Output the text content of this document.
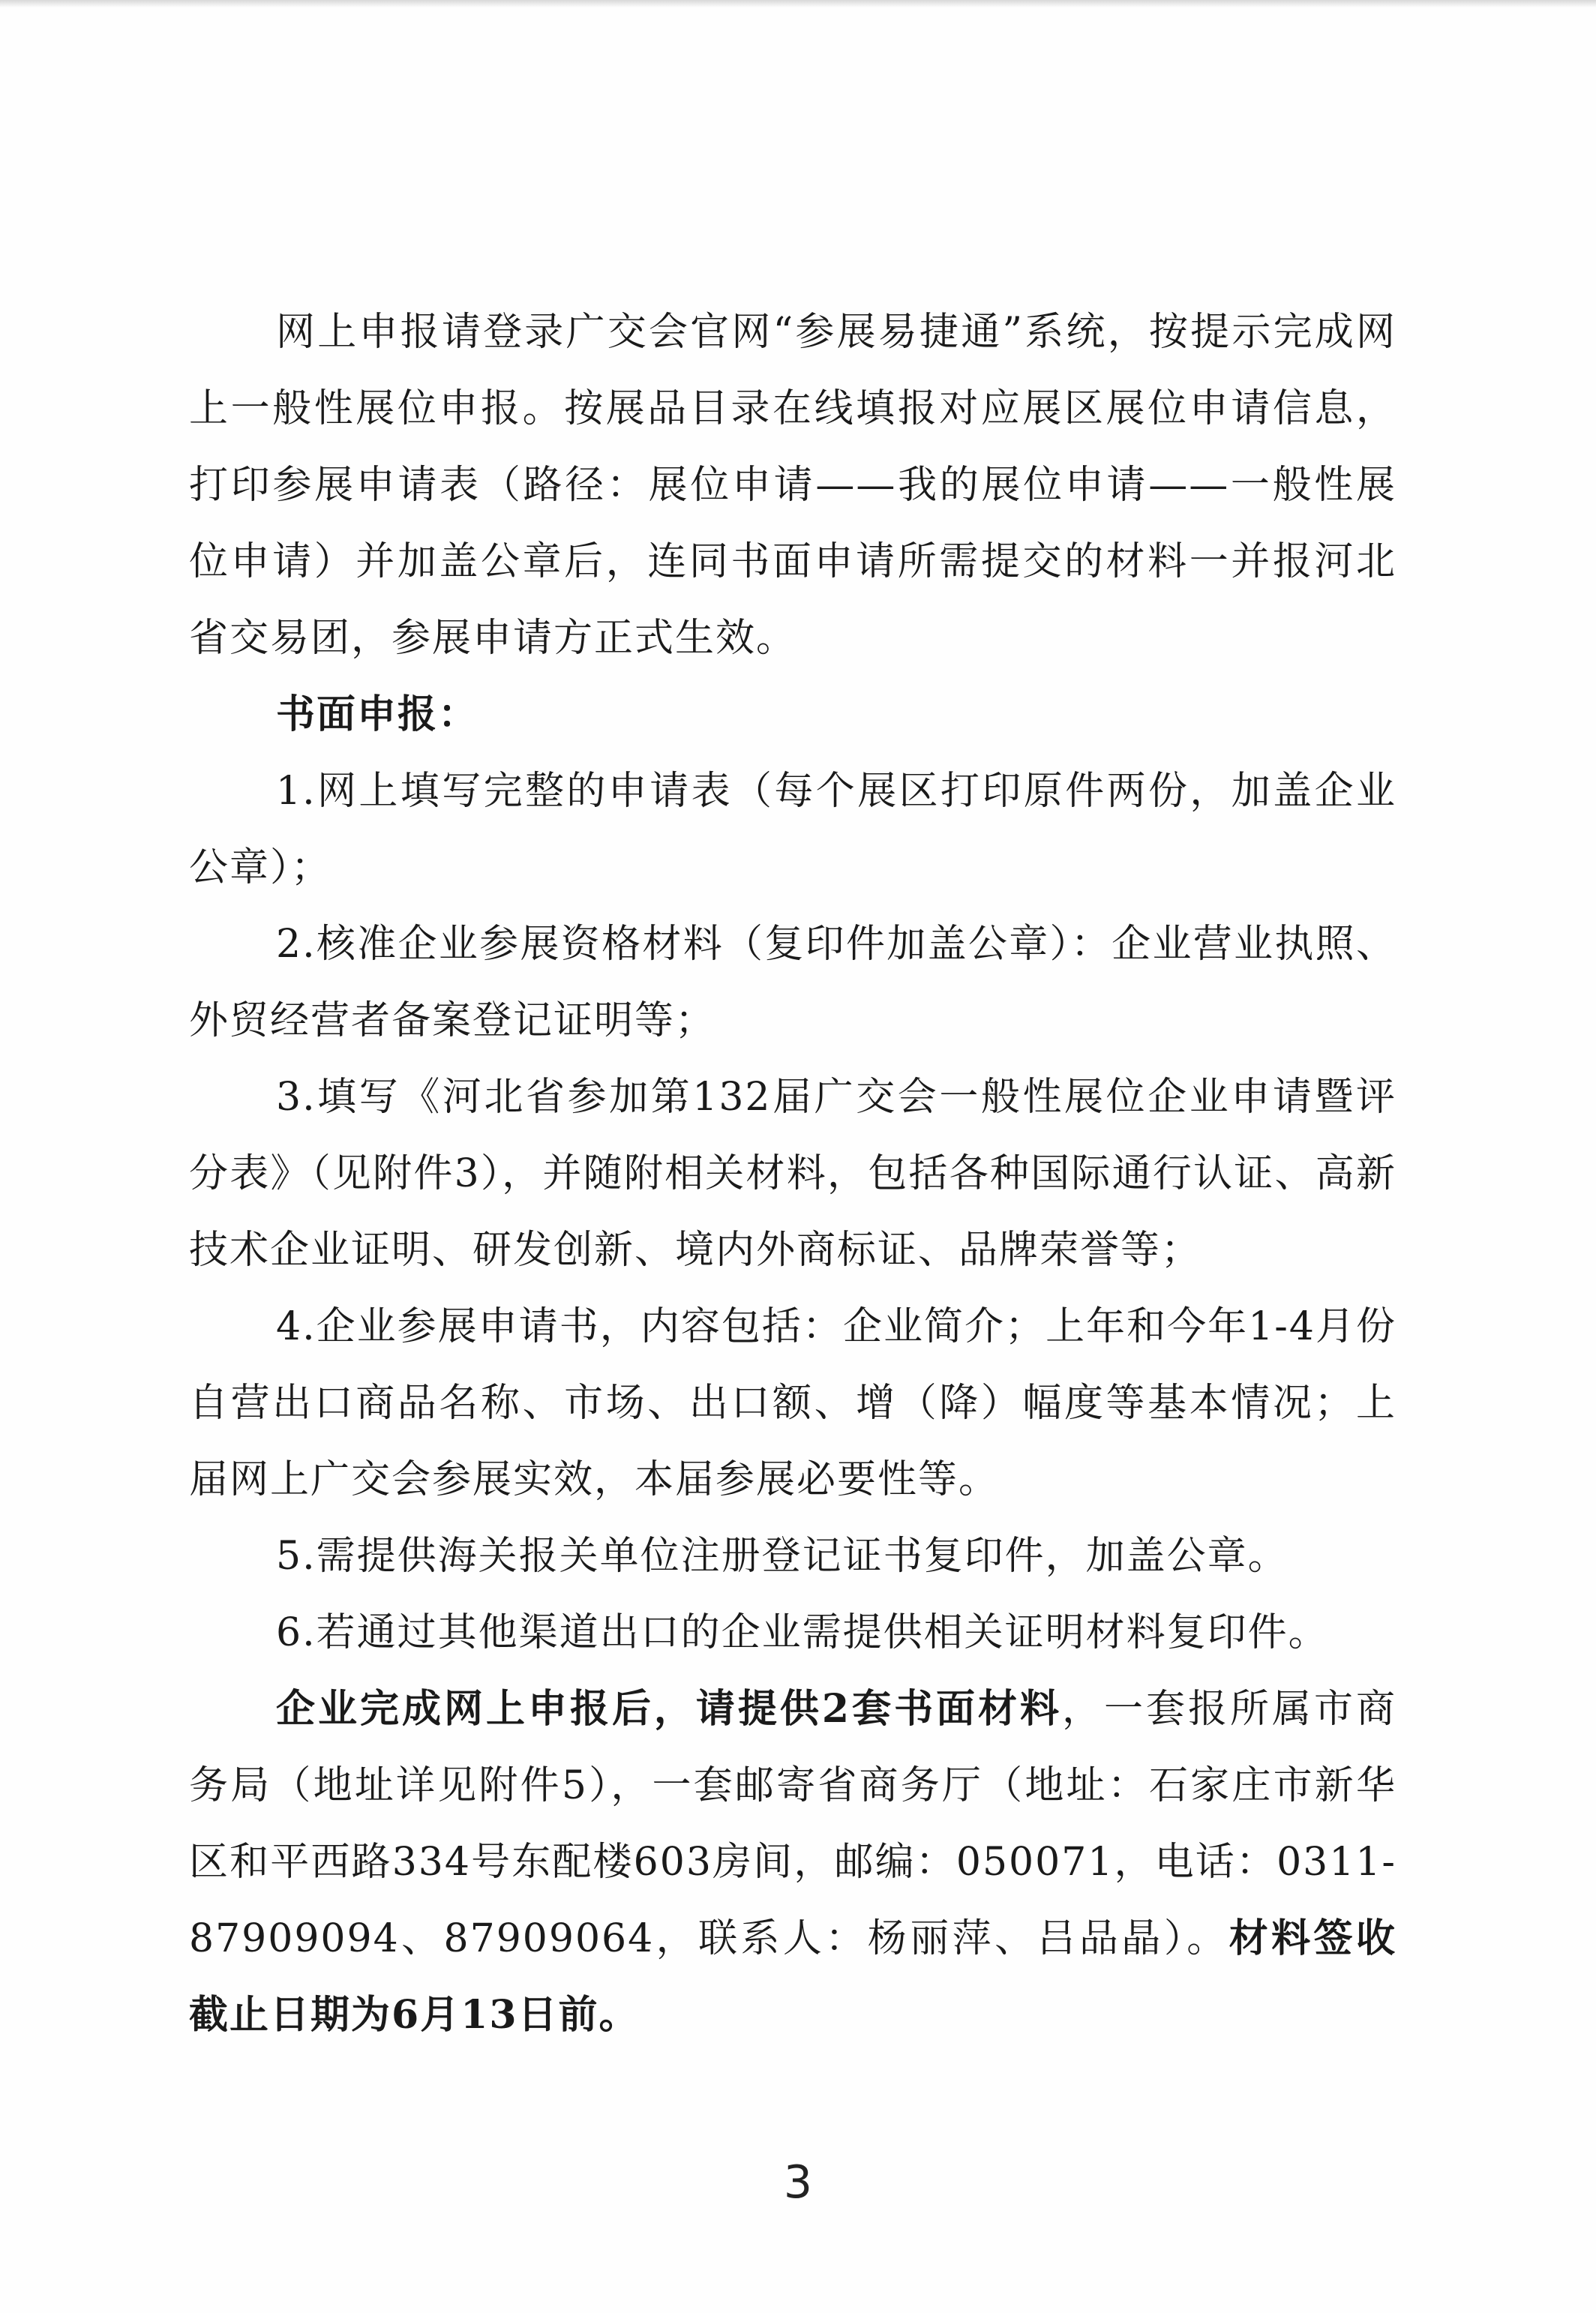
网上申报请登录广交会官网“参展易捷通”系统，按提示完成网上一般性展位申报。按展品目录在线填报对应展区展位申请信息，打印参展申请表（路径：展位申请——我的展位申请——一般性展位申请）并加盖公章后，连同书面申请所需提交的材料一并报河北省交易团，参展申请方正式生效。

书面申报：

1.网上填写完整的申请表（每个展区打印原件两份，加盖企业公章）；

2.核准企业参展资格材料（复印件加盖公章）：企业营业执照、外贸经营者备案登记证明等；

3.填写《河北省参加第132届广交会一般性展位企业申请暨评分表》（见附件3），并随附相关材料，包括各种国际通行认证、高新技术企业证明、研发创新、境内外商标证、品牌荣誉等；

4.企业参展申请书，内容包括：企业简介；上年和今年1-4月份自营出口商品名称、市场、出口额、增（降）幅度等基本情况；上届网上广交会参展实效，本届参展必要性等。

5.需提供海关报关单位注册登记证书复印件，加盖公章。

6.若通过其他渠道出口的企业需提供相关证明材料复印件。

企业完成网上申报后，请提供2套书面材料，一套报所属市商务局（地址详见附件5），一套邮寄省商务厅（地址：石家庄市新华区和平西路334号东配楼603房间，邮编：050071，电话：0311-87909094、87909064，联系人：杨丽萍、吕品晶）。材料签收截止日期为6月13日前。

3
